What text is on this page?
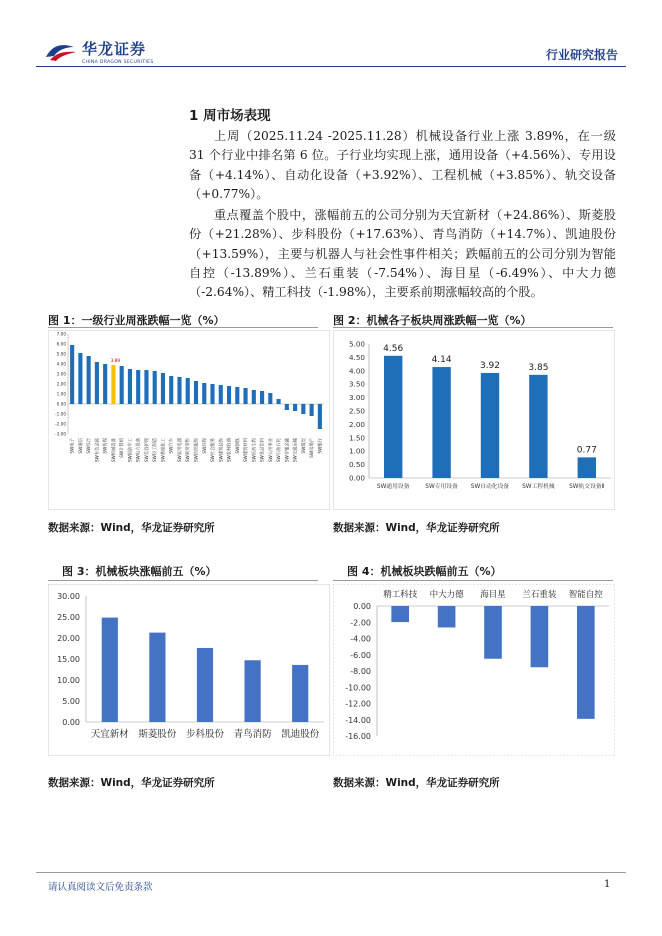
华龙证券
CHINA DRAGON SECURITIES
行业研究报告
1 周市场表现
上周（2025.11.24 -2025.11.28）机械设备行业上涨 3.89%，在一级 31 个行业中排名第 6 位。子行业均实现上涨，通用设备（+4.56%）、专用设备（+4.14%）、自动化设备（+3.92%）、工程机械（+3.85%）、轨交设备（+0.77%）。
重点覆盖个股中，涨幅前五的公司分别为天宜新材（+24.86%）、斯菱股份（+21.28%）、步科股份（+17.63%）、青鸟消防（+14.7%）、凯迪股份（+13.59%），主要与机器人与社会性事件相关；跌幅前五的公司分别为智能自控（-13.89%）、兰石重装（-7.54%）、海目星（-6.49%）、中大力德（-2.64%）、精工科技（-1.98%），主要系前期涨幅较高的个股。
图 1：一级行业周涨跌幅一览（%）	图 2：机械各子板块周涨跌幅一览（%）
7.00
6.00
5.00
4.00
3.00
2.00
1.00
0.00
-1.00
-2.00
-3.00
SW电子 SW通信 SW综合 SW有色金属 SW传媒 SW机械设备 SW计算机 SW国防军工 SW电力设备 SW美容护理 SW轻工制造 SW基础化工 SW汽车 SW家用电器 SW商贸零售 SW纺织服饰 SW环保 SW社会服务 SW建筑装饰 SW农林牧渔 SW钢铁 SW建筑材料 SW医药生物 SW食品饮料 SW公用事业 SW石油石化 SW非银金融 SW交通运输 SW煤炭 SW房地产 SW银行
3.89
5.00
4.50
4.00
3.50
3.00
2.50
2.00
1.50
1.00
0.50
0.00
4.56
SW通用设备
4.14
SW专用设备
3.92
SW自动化设备
3.85
SW工程机械
0.77
SW轨交设备Ⅱ
数据来源：Wind，华龙证券研究所	数据来源：Wind，华龙证券研究所
图 3：机械板块涨幅前五（%）	图 4：机械板块跌幅前五（%）
30.00
25.00
20.00
15.00
10.00
5.00
0.00
天宜新材 斯菱股份 步科股份 青鸟消防 凯迪股份
0.00
-2.00
-4.00
-6.00
-8.00
-10.00
-12.00
-14.00
-16.00
精工科技 中大力德 海目星 兰石重装 智能自控
数据来源：Wind，华龙证券研究所	数据来源：Wind，华龙证券研究所
请认真阅读文后免责条款	1
